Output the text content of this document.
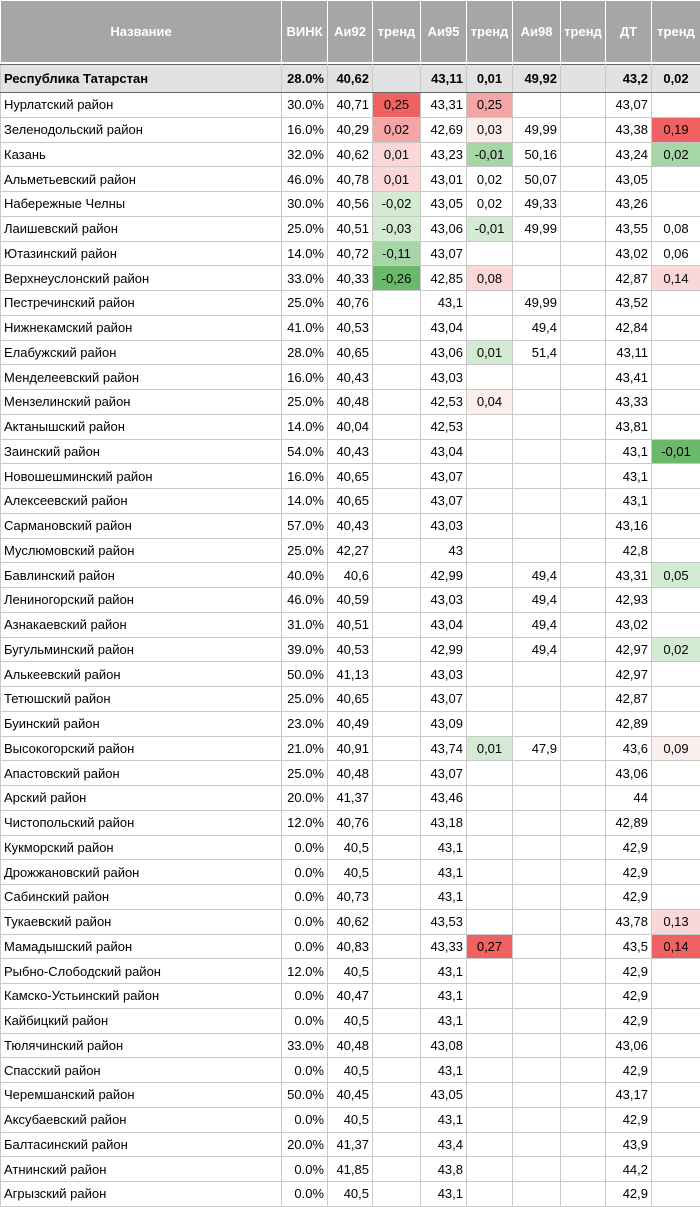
Название	ВИНК	Аи92	тренд	Аи95	тренд	Аи98	тренд	ДТ	тренд

Республика Татарстан	28.0%	40,62		43,11	0,01	49,92		43,2	0,02
Нурлатский район	30.0%	40,71	0,25	43,31	0,25			43,07	
Зеленодольский район	16.0%	40,29	0,02	42,69	0,03	49,99		43,38	0,19
Казань	32.0%	40,62	0,01	43,23	-0,01	50,16		43,24	0,02
Альметьевский район	46.0%	40,78	0,01	43,01	0,02	50,07		43,05	
Набережные Челны	30.0%	40,56	-0,02	43,05	0,02	49,33		43,26	
Лаишевский район	25.0%	40,51	-0,03	43,06	-0,01	49,99		43,55	0,08
Ютазинский район	14.0%	40,72	-0,11	43,07				43,02	0,06
Верхнеуслонский район	33.0%	40,33	-0,26	42,85	0,08			42,87	0,14
Пестречинский район	25.0%	40,76		43,1		49,99		43,52	
Нижнекамский район	41.0%	40,53		43,04		49,4		42,84	
Елабужский район	28.0%	40,65		43,06	0,01	51,4		43,11	
Менделеевский район	16.0%	40,43		43,03				43,41	
Мензелинский район	25.0%	40,48		42,53	0,04			43,33	
Актанышский район	14.0%	40,04		42,53				43,81	
Заинский район	54.0%	40,43		43,04				43,1	-0,01
Новошешминский район	16.0%	40,65		43,07				43,1	
Алексеевский район	14.0%	40,65		43,07				43,1	
Сармановский район	57.0%	40,43		43,03				43,16	
Муслюмовский район	25.0%	42,27		43				42,8	
Бавлинский район	40.0%	40,6		42,99		49,4		43,31	0,05
Лениногорский район	46.0%	40,59		43,03		49,4		42,93	
Азнакаевский район	31.0%	40,51		43,04		49,4		43,02	
Бугульминский район	39.0%	40,53		42,99		49,4		42,97	0,02
Алькеевский район	50.0%	41,13		43,03				42,97	
Тетюшский район	25.0%	40,65		43,07				42,87	
Буинский район	23.0%	40,49		43,09				42,89	
Высокогорский район	21.0%	40,91		43,74	0,01	47,9		43,6	0,09
Апастовский район	25.0%	40,48		43,07				43,06	
Арский район	20.0%	41,37		43,46				44	
Чистопольский район	12.0%	40,76		43,18				42,89	
Кукморский район	0.0%	40,5		43,1				42,9	
Дрожжановский район	0.0%	40,5		43,1				42,9	
Сабинский район	0.0%	40,73		43,1				42,9	
Тукаевский район	0.0%	40,62		43,53				43,78	0,13
Мамадышский район	0.0%	40,83		43,33	0,27			43,5	0,14
Рыбно-Слободский район	12.0%	40,5		43,1				42,9	
Камско-Устьинский район	0.0%	40,47		43,1				42,9	
Кайбицкий район	0.0%	40,5		43,1				42,9	
Тюлячинский район	33.0%	40,48		43,08				43,06	
Спасский район	0.0%	40,5		43,1				42,9	
Черемшанский район	50.0%	40,45		43,05				43,17	
Аксубаевский район	0.0%	40,5		43,1				42,9	
Балтасинский район	20.0%	41,37		43,4				43,9	
Атнинский район	0.0%	41,85		43,8				44,2	
Агрызский район	0.0%	40,5		43,1				42,9	
